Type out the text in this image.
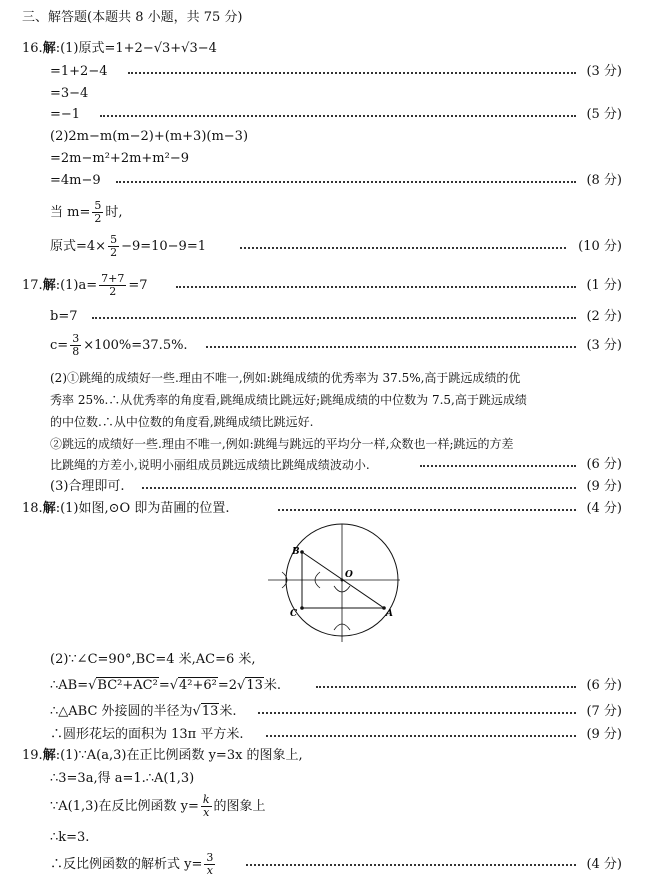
三、解答题(本题共 8 小题，共 75 分)
16.解:(1)原式=1+2−√3+√3−4
=1+2−4	(3 分)
=3−4
=−1	(5 分)
(2)2m−m(m−2)+(m+3)(m−3)
=2m−m²+2m+m²−9
=4m−9	(8 分)
当 $m= \frac{5}{2}$ 时,
原式$=4\times \frac{5}{2} -9=10-9=1$	(10 分)
17.解:(1)a= $\frac{7+7}{2} =7$	(1 分)
b=7	(2 分)
$c= \frac{3}{8} \times 100\%=37.5\%$.	(3 分)
(2)①跳绳的成绩好一些.理由不唯一,例如:跳绳成绩的优秀率为 37.5%,高于跳远成绩的优
秀率 25%.∴从优秀率的角度看,跳绳成绩比跳远好;跳绳成绩的中位数为 7.5,高于跳远成绩
的中位数.∴从中位数的角度看,跳绳成绩比跳远好.
②跳远的成绩好一些.理由不唯一,例如:跳绳与跳远的平均分一样,众数也一样;跳远的方差
比跳绳的方差小,说明小丽组成员跳远成绩比跳绳成绩波动小.	(6 分)
(3)合理即可.	(9 分)
18.解:(1)如图,⊙O 即为苗圃的位置.	(4 分)
B
O
C	A
(2)∵∠C=90°,BC=4 米,AC=6 米,
∴AB=√BC²+AC²=√4²+6²=2√13米.	(6 分)
∴△ABC 外接圆的半径为√13米.	(7 分)
∴圆形花坛的面积为 13π 平方米.	(9 分)
19.解:(1)∵A(a,3)在正比例函数 y=3x 的图象上,
∴3=3a,得 a=1.∴A(1,3)
∵A(1,3)在反比例函数 $y= \frac{k}{x}$ 的图象上
∴k=3.
∴反比例函数的解析式 $y= \frac{3}{x}$	(4 分)
